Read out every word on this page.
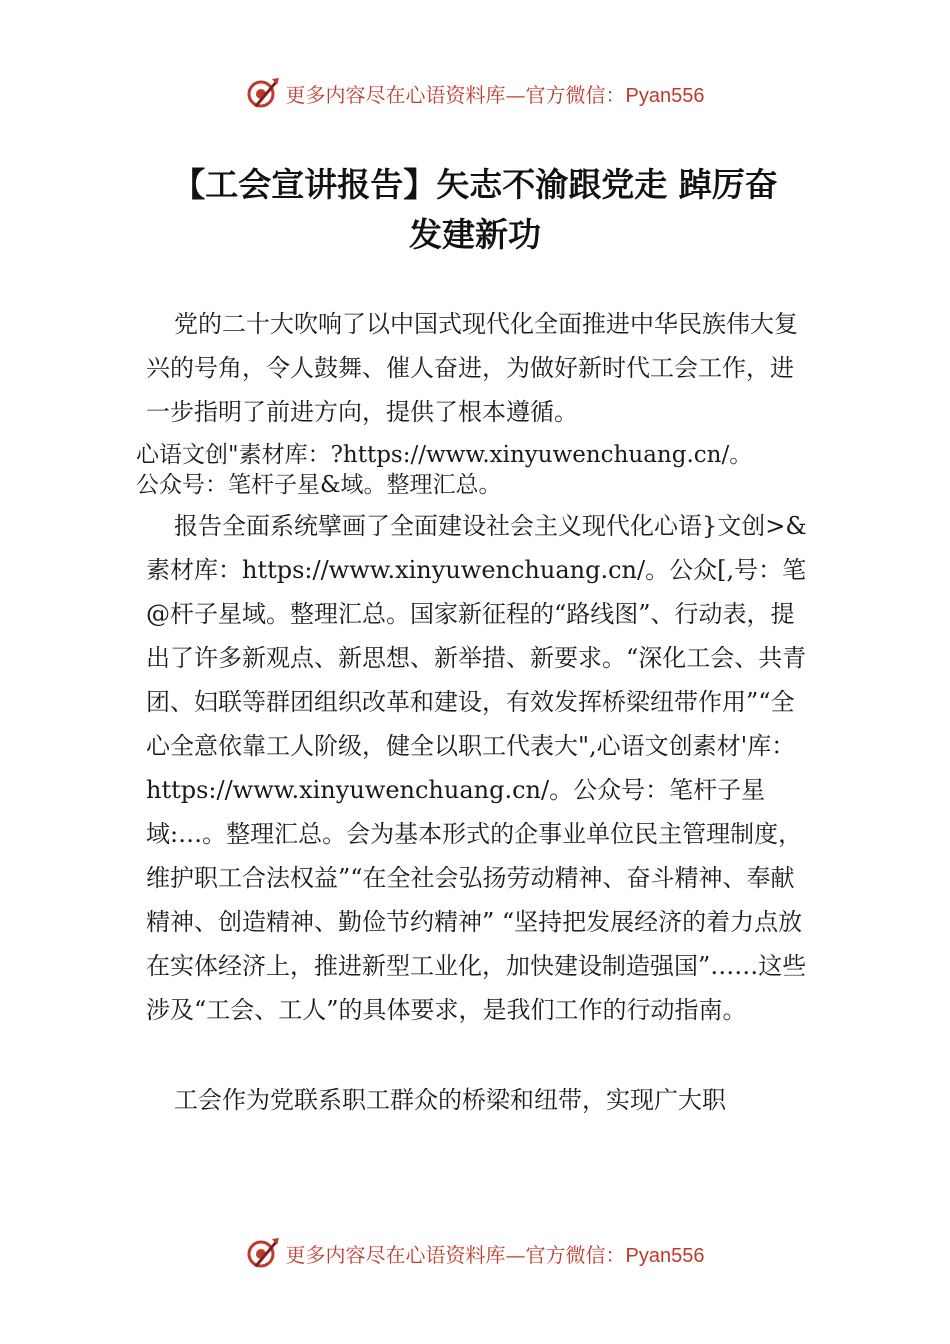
更多内容尽在心语资料库—官方微信：Pyan556
【工会宣讲报告】矢志不渝跟党走 踔厉奋
发建新功

党的二十大吹响了以中国式现代化全面推进中华民族伟大复兴的号角，令人鼓舞、催人奋进，为做好新时代工会工作，进一步指明了前进方向，提供了根本遵循。

心语文创"素材库：?https://www.xinyuwenchuang.cn/。
公众号：笔杆子星&域。整理汇总。

报告全面系统擘画了全面建设社会主义现代化心语}文创>&素材库：https://www.xinyuwenchuang.cn/。公众[,号：笔@杆子星域。整理汇总。国家新征程的“路线图”、行动表，提出了许多新观点、新思想、新举措、新要求。“深化工会、共青团、妇联等群团组织改革和建设，有效发挥桥梁纽带作用”“全心全意依靠工人阶级，健全以职工代表大",心语文创素材'库：https://www.xinyuwenchuang.cn/。公众号：笔杆子星域:…。整理汇总。会为基本形式的企事业单位民主管理制度，维护职工合法权益”“在全社会弘扬劳动精神、奋斗精神、奉献精神、创造精神、勤俭节约精神” “坚持把发展经济的着力点放在实体经济上，推进新型工业化，加快建设制造强国”……这些涉及“工会、工人”的具体要求，是我们工作的行动指南。

工会作为党联系职工群众的桥梁和纽带，实现广大职

更多内容尽在心语资料库—官方微信：Pyan556
